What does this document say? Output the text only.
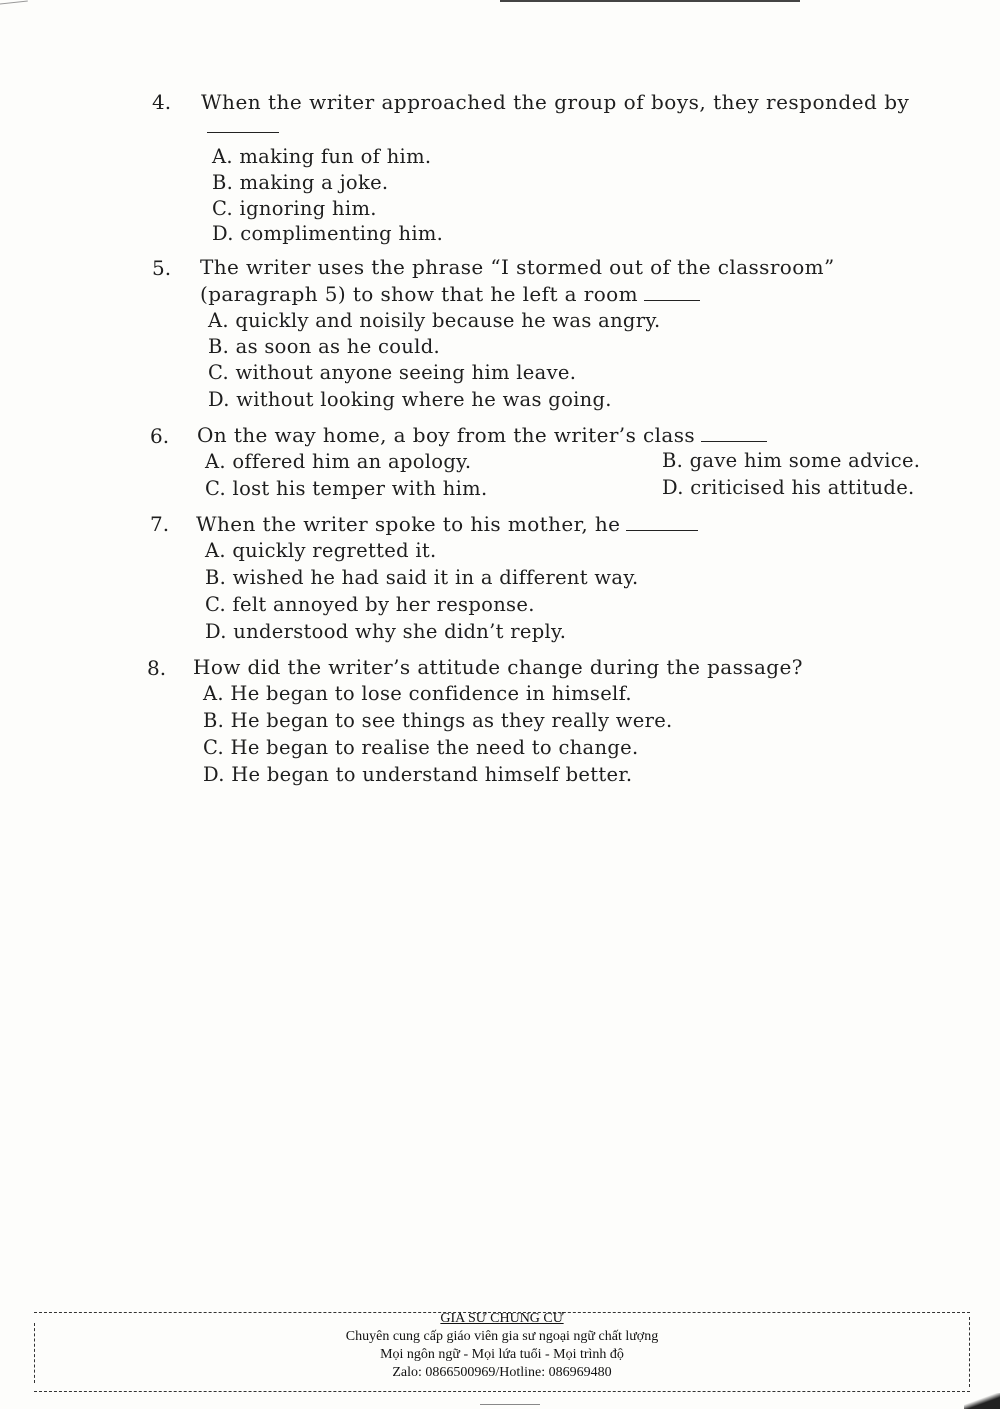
4. When the writer approached the group of boys, they responded by
A. making fun of him.
B. making a joke.
C. ignoring him.
D. complimenting him.
5. The writer uses the phrase “I stormed out of the classroom”
(paragraph 5) to show that he left a room
A. quickly and noisily because he was angry.
B. as soon as he could.
C. without anyone seeing him leave.
D. without looking where he was going.
6. On the way home, a boy from the writer’s class
A. offered him an apology.	B. gave him some advice.
C. lost his temper with him.	D. criticised his attitude.
7. When the writer spoke to his mother, he
A. quickly regretted it.
B. wished he had said it in a different way.
C. felt annoyed by her response.
D. understood why she didn’t reply.
8. How did the writer’s attitude change during the passage?
A. He began to lose confidence in himself.
B. He began to see things as they really were.
C. He began to realise the need to change.
D. He began to understand himself better.
GIA SƯ CHUNG CƯ
Chuyên cung cấp giáo viên gia sư ngoại ngữ chất lượng
Mọi ngôn ngữ - Mọi lứa tuổi - Mọi trình độ
Zalo: 0866500969/Hotline: 086969480
